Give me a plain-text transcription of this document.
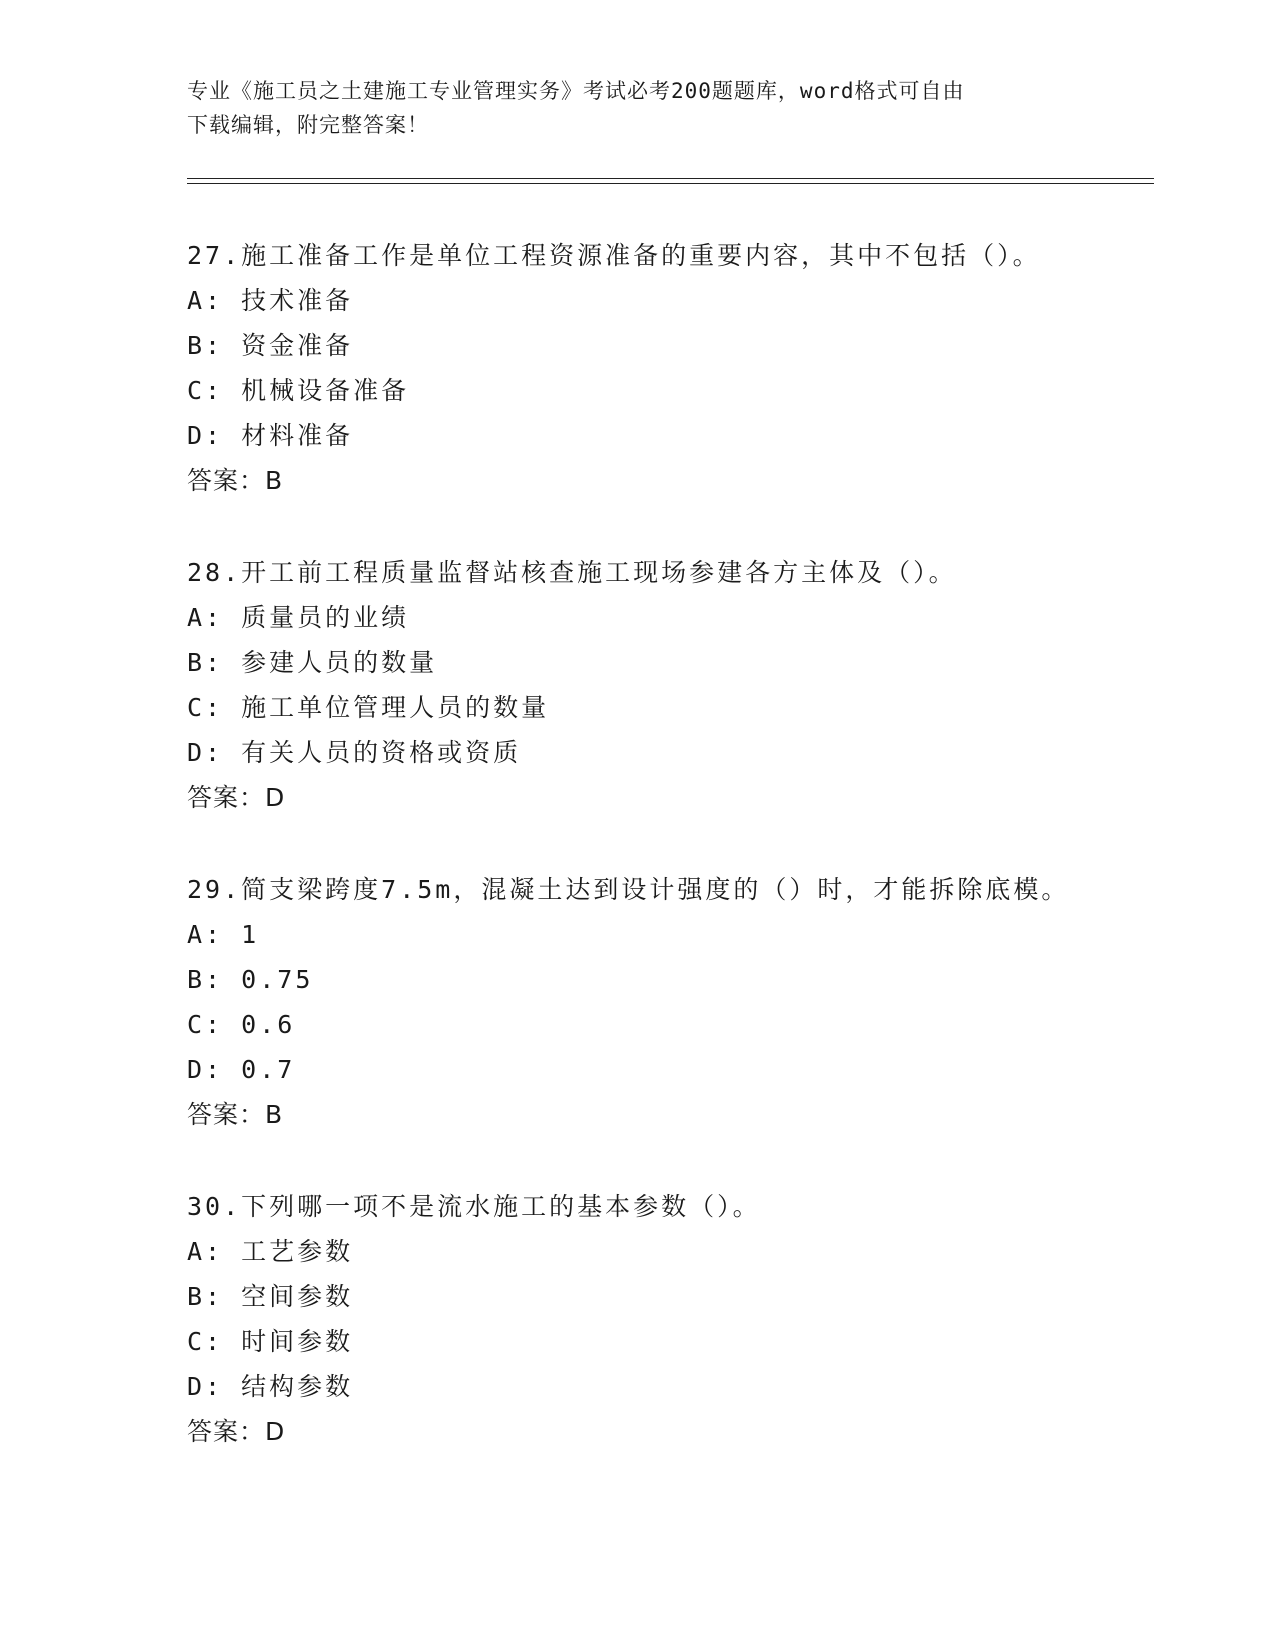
专业《施工员之土建施工专业管理实务》考试必考200题题库，word格式可自由
下载编辑，附完整答案！
27.施工准备工作是单位工程资源准备的重要内容，其中不包括（）。
A: 技术准备
B: 资金准备
C: 机械设备准备
D: 材料准备
答案：B
28.开工前工程质量监督站核查施工现场参建各方主体及（）。
A: 质量员的业绩
B: 参建人员的数量
C: 施工单位管理人员的数量
D: 有关人员的资格或资质
答案：D
29.简支梁跨度7.5m，混凝土达到设计强度的（）时，才能拆除底模。
A: 1
B: 0.75
C: 0.6
D: 0.7
答案：B
30.下列哪一项不是流水施工的基本参数（）。
A: 工艺参数
B: 空间参数
C: 时间参数
D: 结构参数
答案：D
